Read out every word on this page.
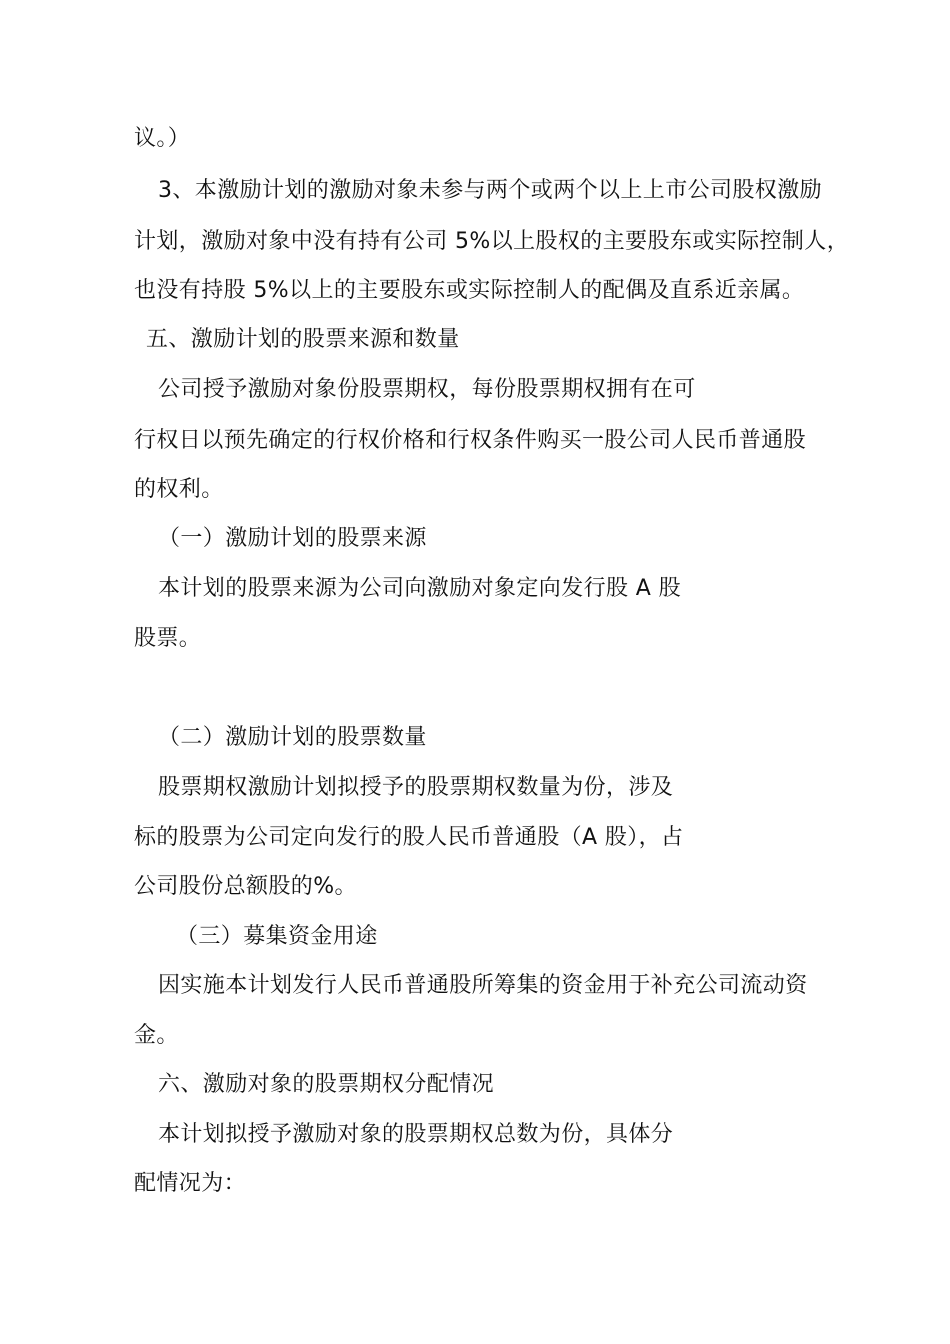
议。）
3、本激励计划的激励对象未参与两个或两个以上上市公司股权激励
计划，激励对象中没有持有公司 5%以上股权的主要股东或实际控制人，
也没有持股 5%以上的主要股东或实际控制人的配偶及直系近亲属。
五、激励计划的股票来源和数量
公司授予激励对象份股票期权，每份股票期权拥有在可
行权日以预先确定的行权价格和行权条件购买一股公司人民币普通股
的权利。
（一）激励计划的股票来源
本计划的股票来源为公司向激励对象定向发行股 A 股
股票。
（二）激励计划的股票数量
股票期权激励计划拟授予的股票期权数量为份，涉及
标的股票为公司定向发行的股人民币普通股（A 股），占
公司股份总额股的%。
（三）募集资金用途
因实施本计划发行人民币普通股所筹集的资金用于补充公司流动资
金。
六、激励对象的股票期权分配情况
本计划拟授予激励对象的股票期权总数为份，具体分
配情况为：
